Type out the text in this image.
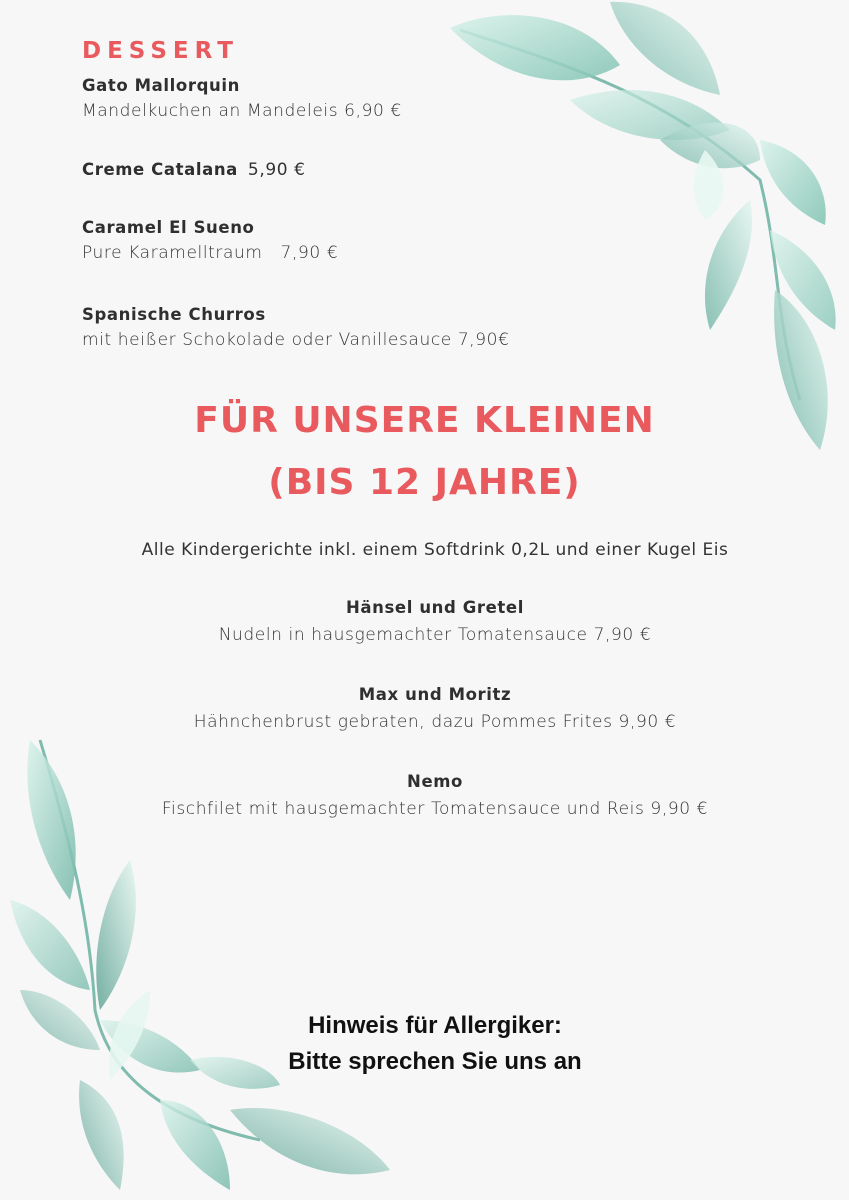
DESSERT
Gato Mallorquin
Mandelkuchen an Mandeleis 6,90 €
Creme Catalana 5,90 €
Caramel El Sueno
Pure Karamelltraum   7,90 €
Spanische Churros
mit heißer Schokolade oder Vanillesauce 7,90€
FÜR UNSERE KLEINEN
(BIS 12 JAHRE)
Alle Kindergerichte inkl. einem Softdrink 0,2L und einer Kugel Eis
Hänsel und Gretel
Nudeln in hausgemachter Tomatensauce 7,90 €
Max und Moritz
Hähnchenbrust gebraten, dazu Pommes Frites 9,90 €
Nemo
Fischfilet mit hausgemachter Tomatensauce und Reis 9,90 €
Hinweis für Allergiker:
Bitte sprechen Sie uns an
